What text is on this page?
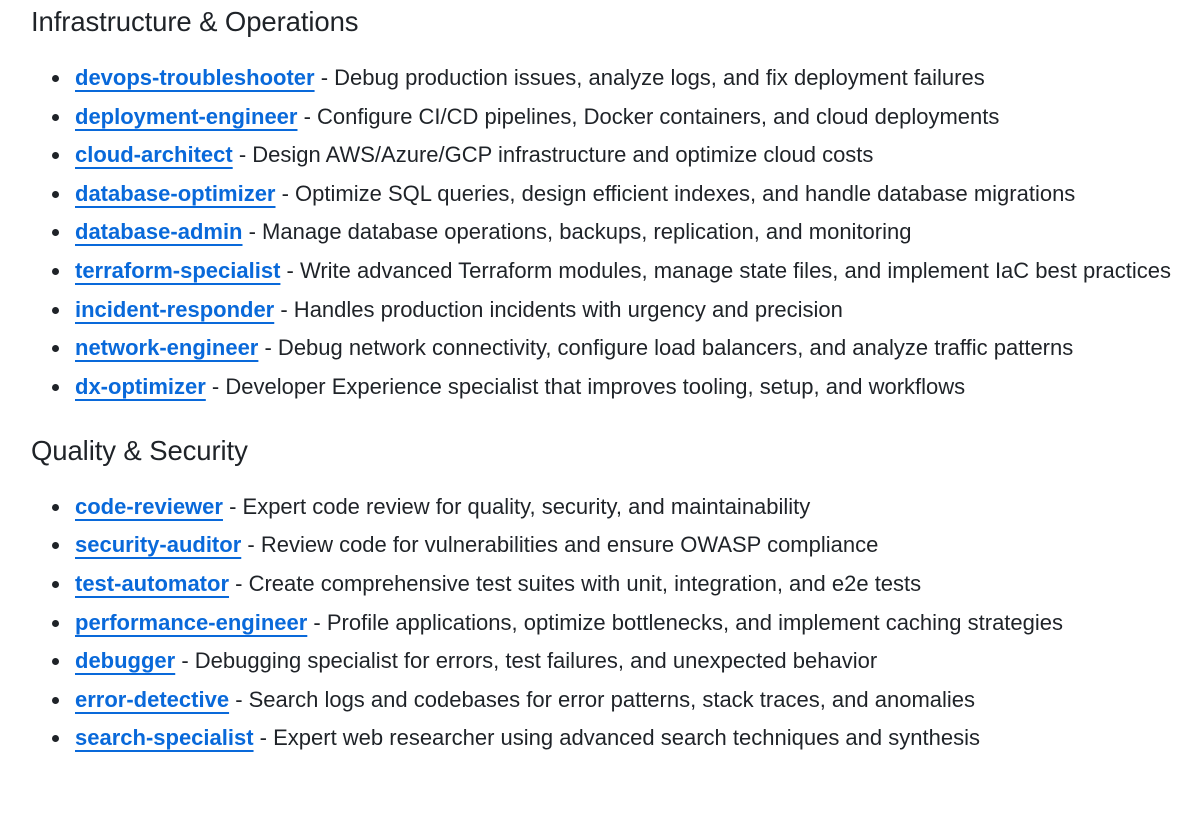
Infrastructure & Operations
devops-troubleshooter - Debug production issues, analyze logs, and fix deployment failures
deployment-engineer - Configure CI/CD pipelines, Docker containers, and cloud deployments
cloud-architect - Design AWS/Azure/GCP infrastructure and optimize cloud costs
database-optimizer - Optimize SQL queries, design efficient indexes, and handle database migrations
database-admin - Manage database operations, backups, replication, and monitoring
terraform-specialist - Write advanced Terraform modules, manage state files, and implement IaC best practices
incident-responder - Handles production incidents with urgency and precision
network-engineer - Debug network connectivity, configure load balancers, and analyze traffic patterns
dx-optimizer - Developer Experience specialist that improves tooling, setup, and workflows
Quality & Security
code-reviewer - Expert code review for quality, security, and maintainability
security-auditor - Review code for vulnerabilities and ensure OWASP compliance
test-automator - Create comprehensive test suites with unit, integration, and e2e tests
performance-engineer - Profile applications, optimize bottlenecks, and implement caching strategies
debugger - Debugging specialist for errors, test failures, and unexpected behavior
error-detective - Search logs and codebases for error patterns, stack traces, and anomalies
search-specialist - Expert web researcher using advanced search techniques and synthesis
